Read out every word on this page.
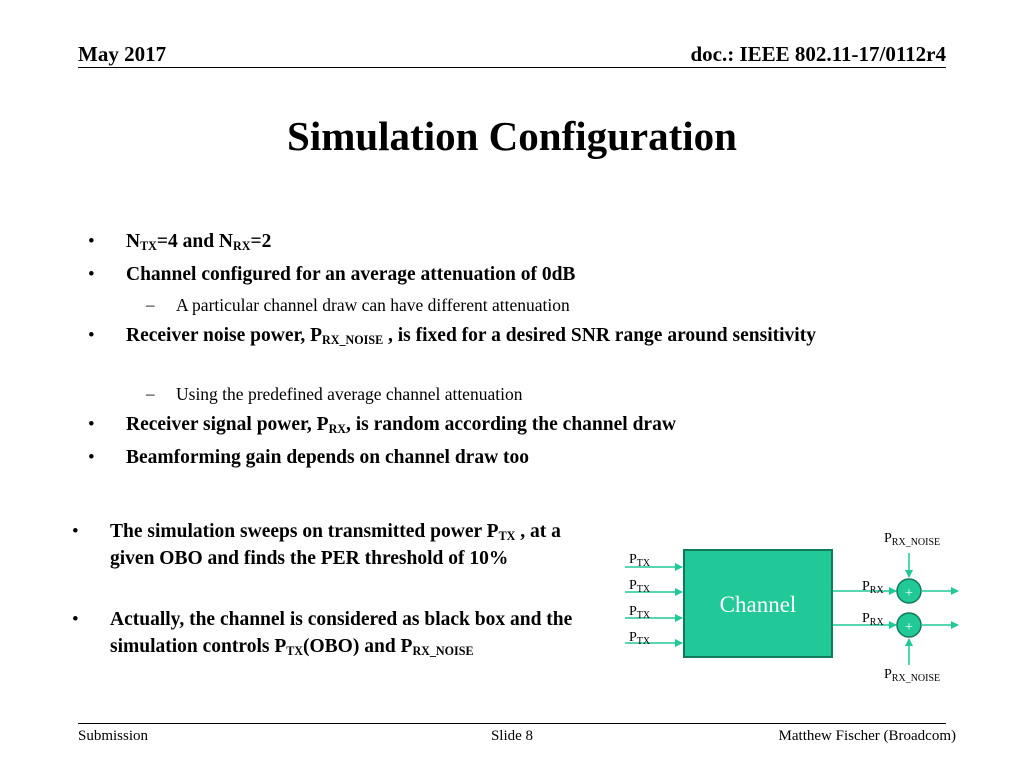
May 2017	doc.: IEEE 802.11-17/0112r4
Simulation Configuration
• $N_{TX}=4$ and $N_{RX}=2$
• Channel configured for an average attenuation of 0dB
– A particular channel draw can have different attenuation
• Receiver noise power, $P_{RX\_NOISE}$ , is fixed for a desired SNR range around sensitivity
– Using the predefined average channel attenuation
• Receiver signal power, $P_{RX}$, is random according the channel draw
• Beamforming gain depends on channel draw too
• The simulation sweeps on transmitted power $P_{TX}$ , at a given OBO and finds the PER threshold of 10%
• Actually, the channel is considered as black box and the simulation controls $P_{TX}(OBO)$ and $P_{RX\_NOISE}$
Channel	+
+
$P_{TX}$
$P_{TX}$
$P_{TX}$
$P_{TX}$
$P_{RX}$
$P_{RX}$
$P_{RX\_NOISE}$
$P_{RX\_NOISE}$
Submission	Slide 8	Matthew Fischer (Broadcom)
